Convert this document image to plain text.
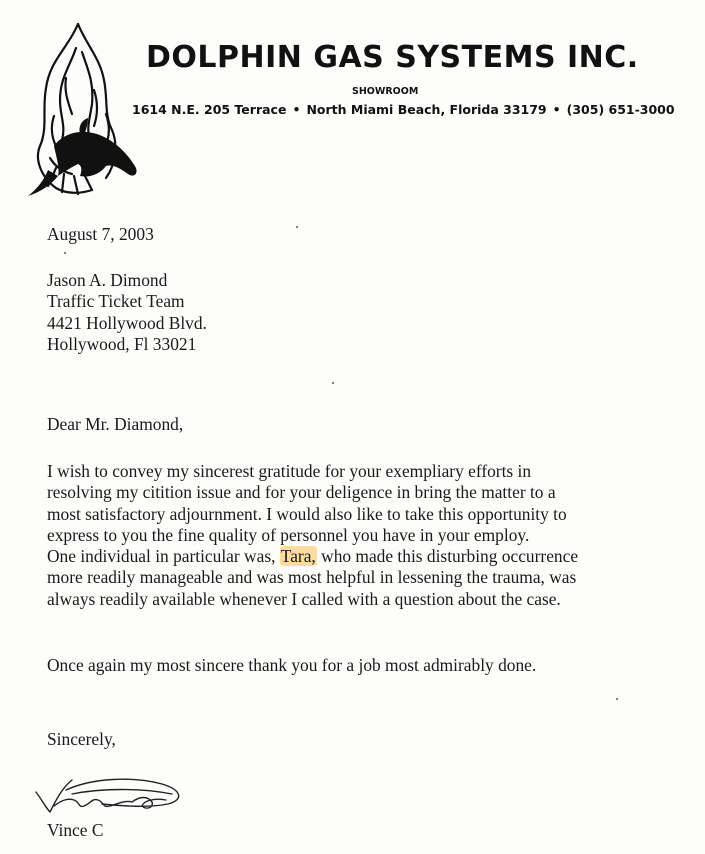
DOLPHIN GAS SYSTEMS INC.
SHOWROOM
1614 N.E. 205 Terrace • North Miami Beach, Florida 33179 • (305) 651-3000
August 7, 2003

Jason A. Dimond

Traffic Ticket Team

4421 Hollywood Blvd.

Hollywood, Fl 33021

Dear Mr. Diamond,

I wish to convey my sincerest gratitude for your exempliary efforts in

resolving my citition issue and for your deligence in bring the matter to a

most satisfactory adjournment. I would also like to take this opportunity to

express to you the fine quality of personnel you have in your employ.

One individual in particular was, Tara, who made this disturbing occurrence

more readily manageable and was most helpful in lessening the trauma, was

always readily available whenever I called with a question about the case.

Once again my most sincere thank you for a job most admirably done.
Sincerely,
Vince C
